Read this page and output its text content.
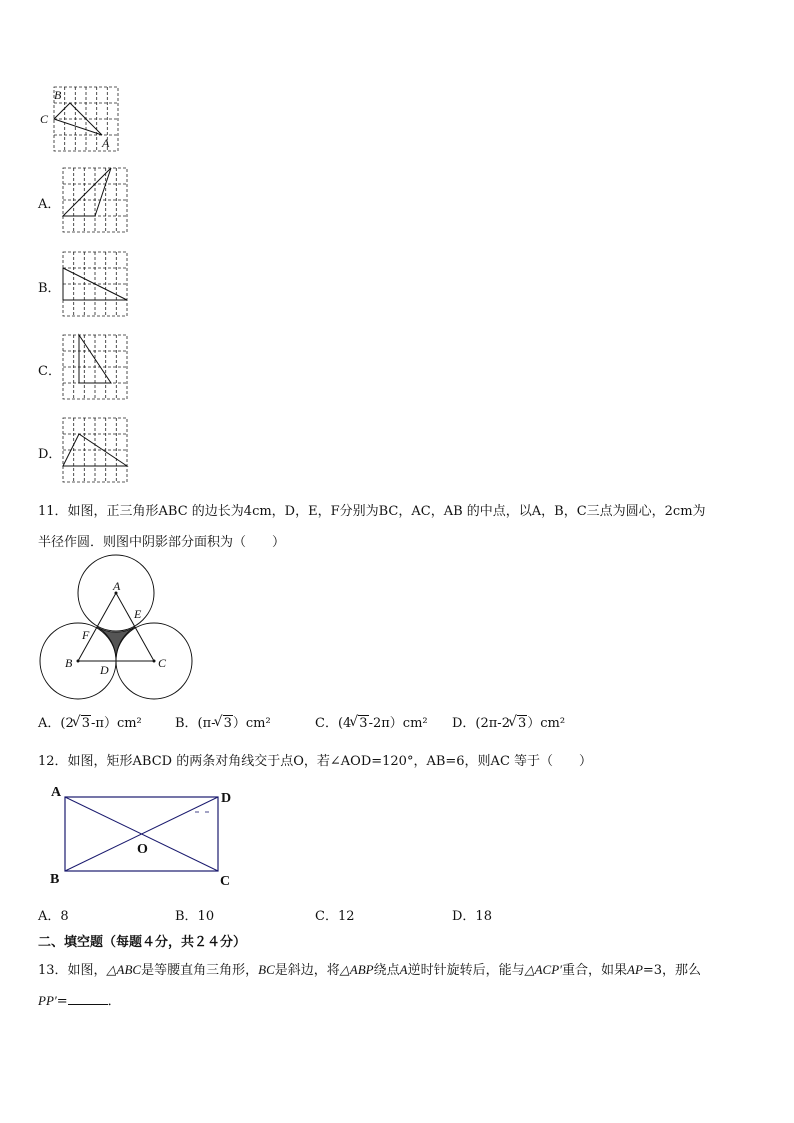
B
C
A
A．
B．
C．
D．
11．如图，正三角形ABC 的边长为4cm，D，E，F分别为BC，AC，AB 的中点，以A，B，C三点为圆心，2cm为
半径作圆．则图中阴影部分面积为（　　）
A
E
F
B D	C
A．(2 √ 3-π）cm²	B．(π- √ 3）cm²	C．(4 √ 3-2π）cm² D．(2π-2 √ 3）cm²
12．如图，矩形ABCD 的两条对角线交于点O，若∠AOD=120°，AB=6，则AC 等于（　　）
A	D
O
B	C
A．8	B．10	C．12	D．18
二、填空题（每题４分，共２４分）
13．如图，△ABC是等腰直角三角形，BC是斜边，将△ABP绕点A逆时针旋转后，能与△ACP′重合，如果AP=3，那么
PP′=	．
